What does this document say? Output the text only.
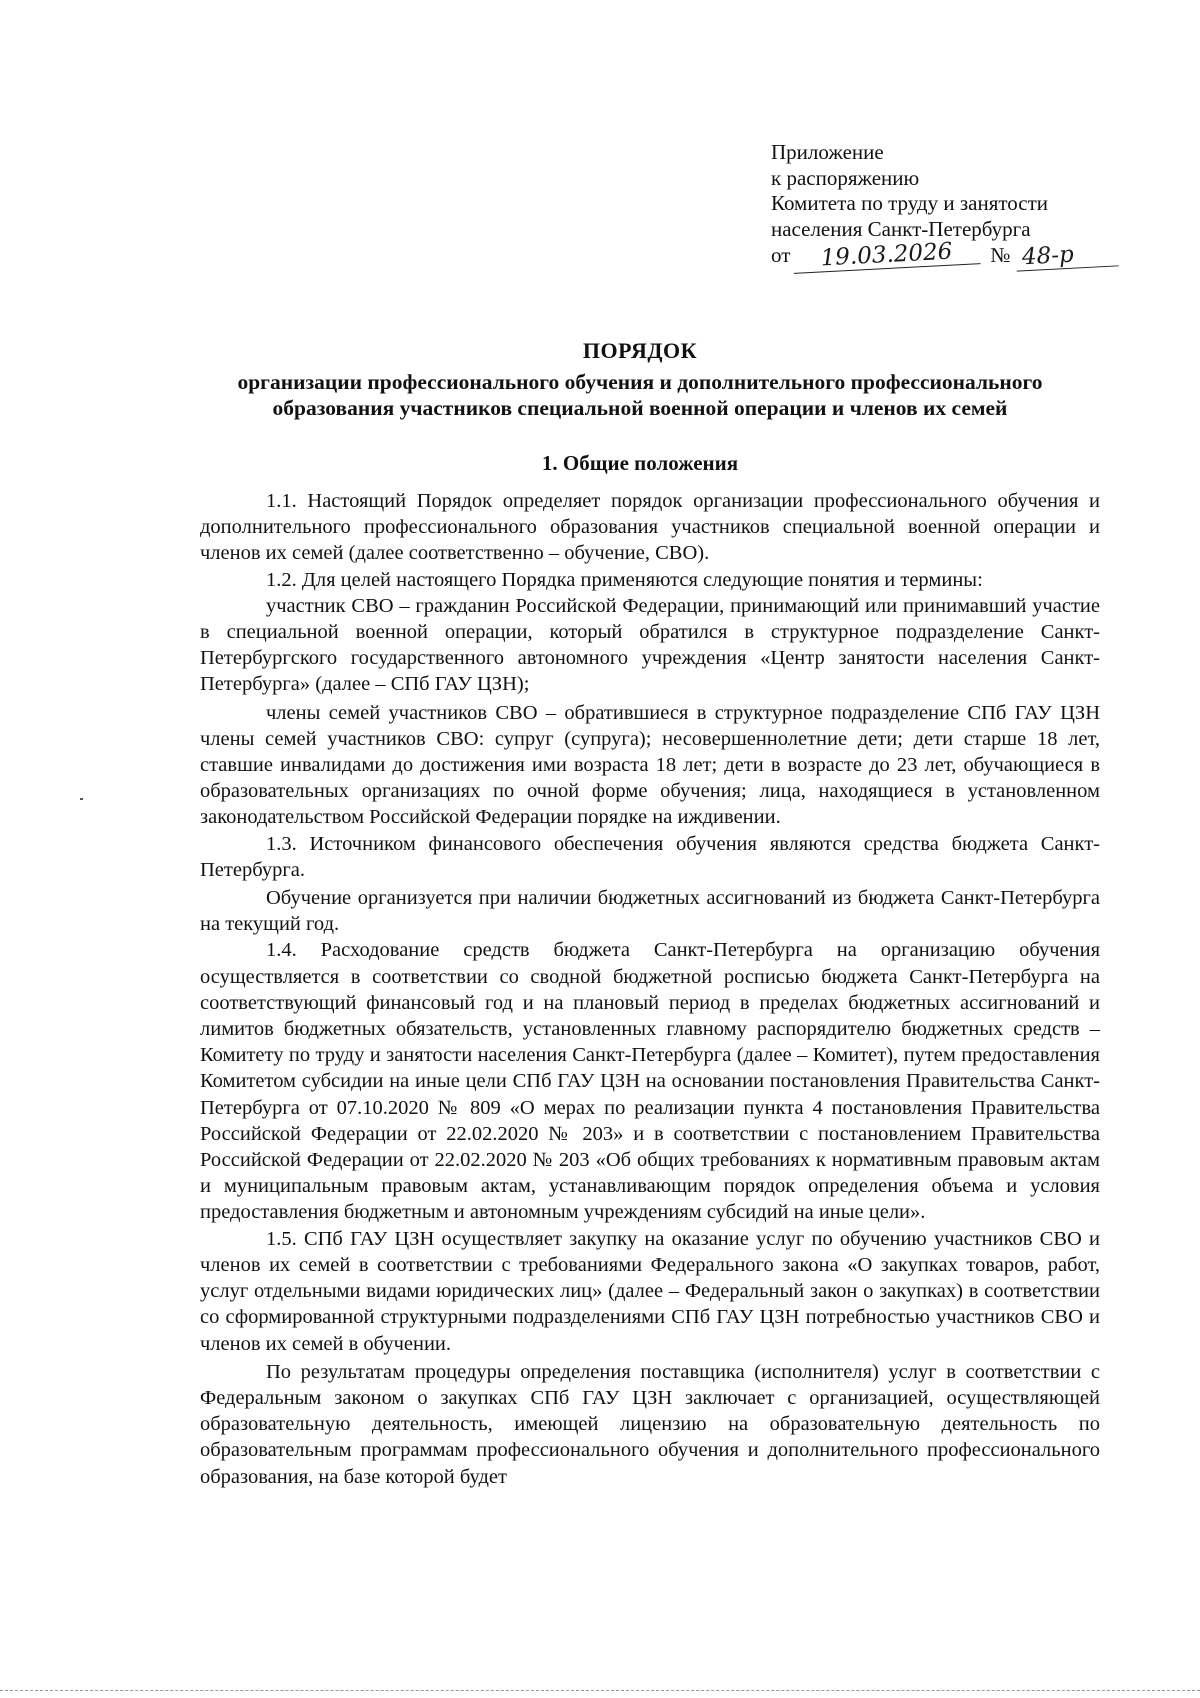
Приложение
к распоряжению
Комитета по труду и занятости
населения Санкт-Петербурга
от	19.03.2026	№ 48-р
ПОРЯДОК
организации профессионального обучения и дополнительного профессионального
образования участников специальной военной операции и членов их семей
1. Общие положения

1.1. Настоящий Порядок определяет порядок организации профессионального обучения и дополнительного профессионального образования участников специальной военной операции и членов их семей (далее соответственно – обучение, СВО).

1.2. Для целей настоящего Порядка применяются следующие понятия и термины:

участник СВО – гражданин Российской Федерации, принимающий или принимавший участие в специальной военной операции, который обратился в структурное подразделение Санкт-Петербургского государственного автономного учреждения «Центр занятости населения Санкт-Петербурга» (далее – СПб ГАУ ЦЗН);

члены семей участников СВО – обратившиеся в структурное подразделение СПб ГАУ ЦЗН члены семей участников СВО: супруг (супруга); несовершеннолетние дети; дети старше 18 лет, ставшие инвалидами до достижения ими возраста 18 лет; дети в возрасте до 23 лет, обучающиеся в образовательных организациях по очной форме обучения; лица, находящиеся в установленном законодательством Российской Федерации порядке на иждивении.

1.3. Источником финансового обеспечения обучения являются средства бюджета Санкт-Петербурга.

Обучение организуется при наличии бюджетных ассигнований из бюджета Санкт-Петербурга на текущий год.

1.4. Расходование средств бюджета Санкт-Петербурга на организацию обучения осуществляется в соответствии со сводной бюджетной росписью бюджета Санкт-Петербурга на соответствующий финансовый год и на плановый период в пределах бюджетных ассигнований и лимитов бюджетных обязательств, установленных главному распорядителю бюджетных средств – Комитету по труду и занятости населения Санкт-Петербурга (далее – Комитет), путем предоставления Комитетом субсидии на иные цели СПб ГАУ ЦЗН на основании постановления Правительства Санкт-Петербурга от 07.10.2020 № 809 «О мерах по реализации пункта 4 постановления Правительства Российской Федерации от 22.02.2020 № 203» и в соответствии с постановлением Правительства Российской Федерации от 22.02.2020 № 203 «Об общих требованиях к нормативным правовым актам и муниципальным правовым актам, устанавливающим порядок определения объема и условия предоставления бюджетным и автономным учреждениям субсидий на иные цели».

1.5. СПб ГАУ ЦЗН осуществляет закупку на оказание услуг по обучению участников СВО и членов их семей в соответствии с требованиями Федерального закона «О закупках товаров, работ, услуг отдельными видами юридических лиц» (далее – Федеральный закон о закупках) в соответствии со сформированной структурными подразделениями СПб ГАУ ЦЗН потребностью участников СВО и членов их семей в обучении.

По результатам процедуры определения поставщика (исполнителя) услуг в соответствии с Федеральным законом о закупках СПб ГАУ ЦЗН заключает с организацией, осуществляющей образовательную деятельность, имеющей лицензию на образовательную деятельность по образовательным программам профессионального обучения и дополнительного профессионального образования, на базе которой будет
